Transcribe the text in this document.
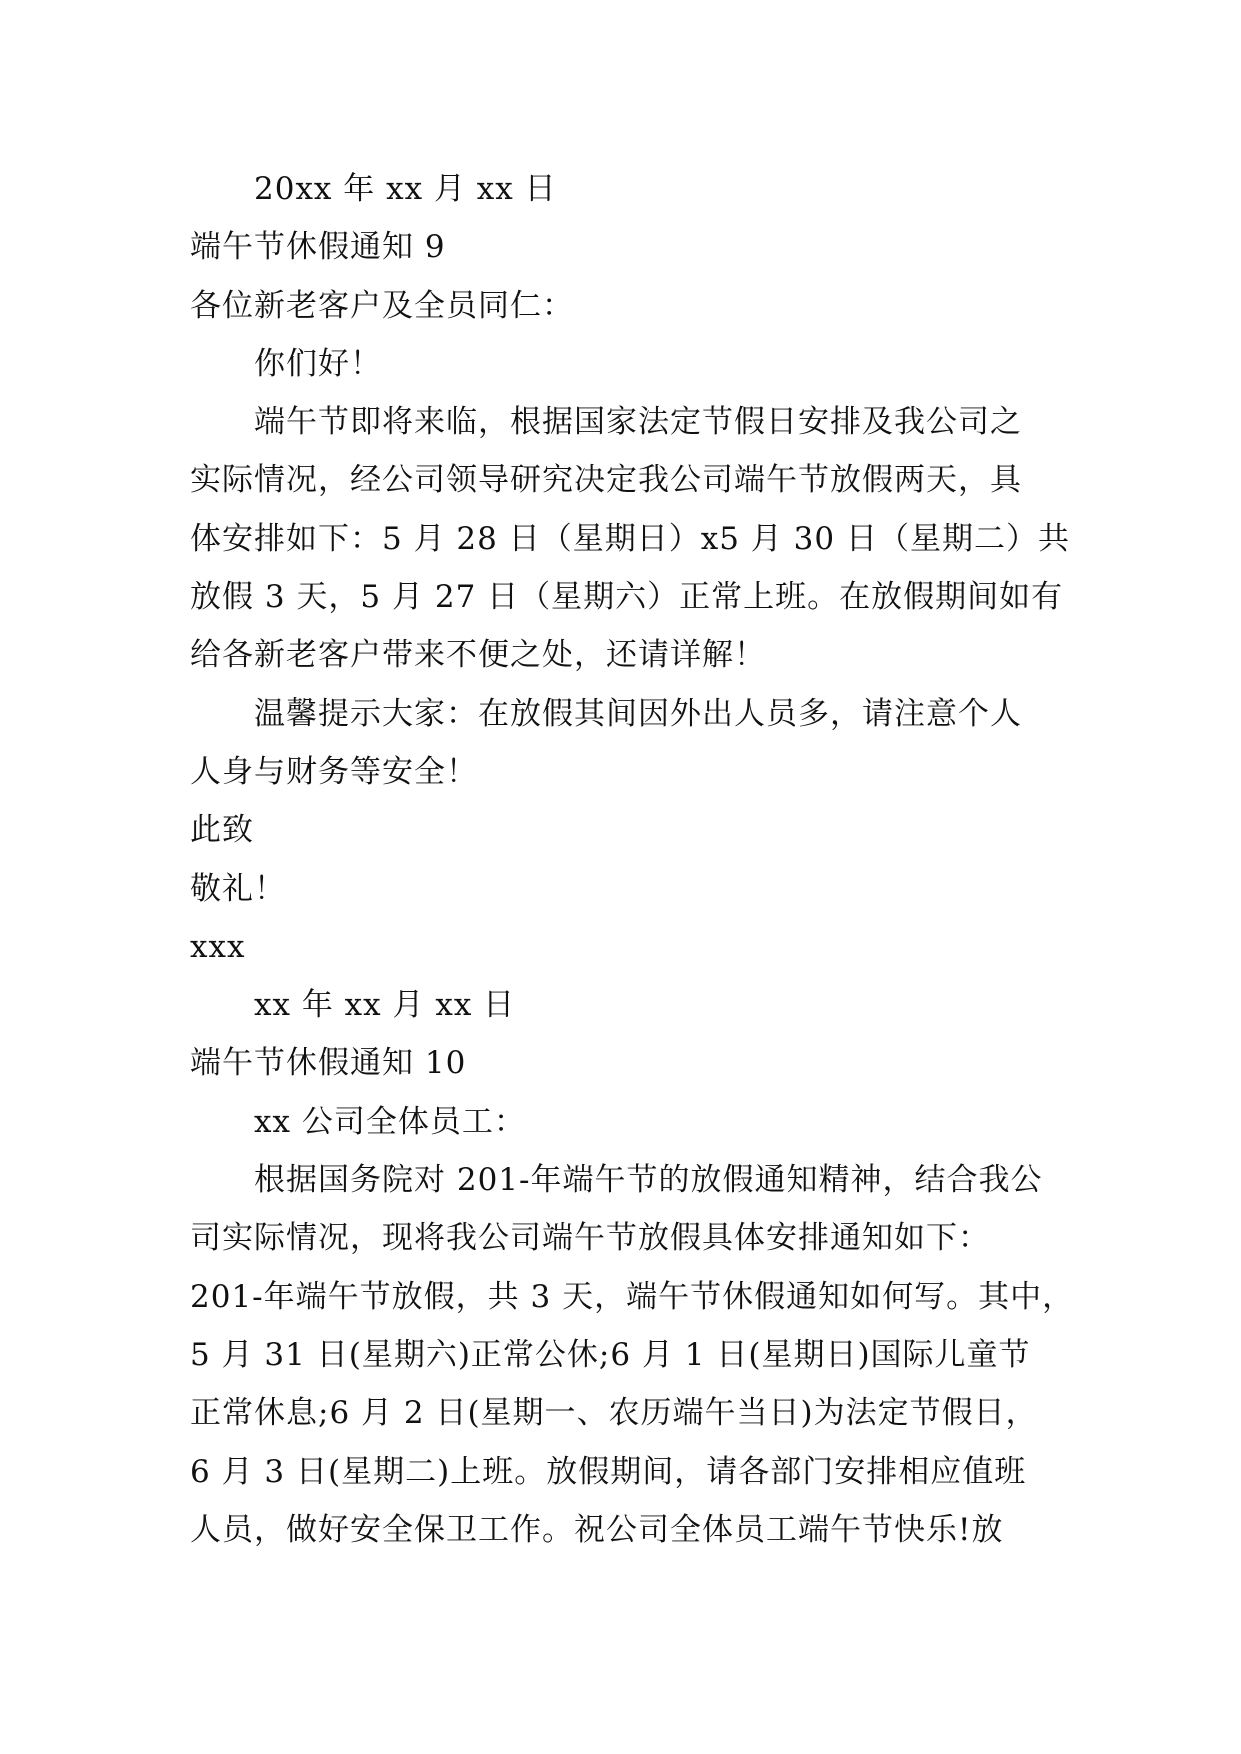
20xx 年 xx 月 xx 日
端午节休假通知 9
各位新老客户及全员同仁：
你们好！
端午节即将来临，根据国家法定节假日安排及我公司之
实际情况，经公司领导研究决定我公司端午节放假两天，具
体安排如下：5 月 28 日（星期日）x5 月 30 日（星期二）共
放假 3 天，5 月 27 日（星期六）正常上班。在放假期间如有
给各新老客户带来不便之处，还请详解！
温馨提示大家：在放假其间因外出人员多，请注意个人
人身与财务等安全！
此致
敬礼！
xxx
xx 年 xx 月 xx 日
端午节休假通知 10
xx 公司全体员工：
根据国务院对 201-年端午节的放假通知精神，结合我公
司实际情况，现将我公司端午节放假具体安排通知如下：
201-年端午节放假，共 3 天，端午节休假通知如何写。其中，
5 月 31 日(星期六)正常公休;6 月 1 日(星期日)国际儿童节
正常休息;6 月 2 日(星期一、农历端午当日)为法定节假日，
6 月 3 日(星期二)上班。放假期间，请各部门安排相应值班
人员，做好安全保卫工作。祝公司全体员工端午节快乐!放
